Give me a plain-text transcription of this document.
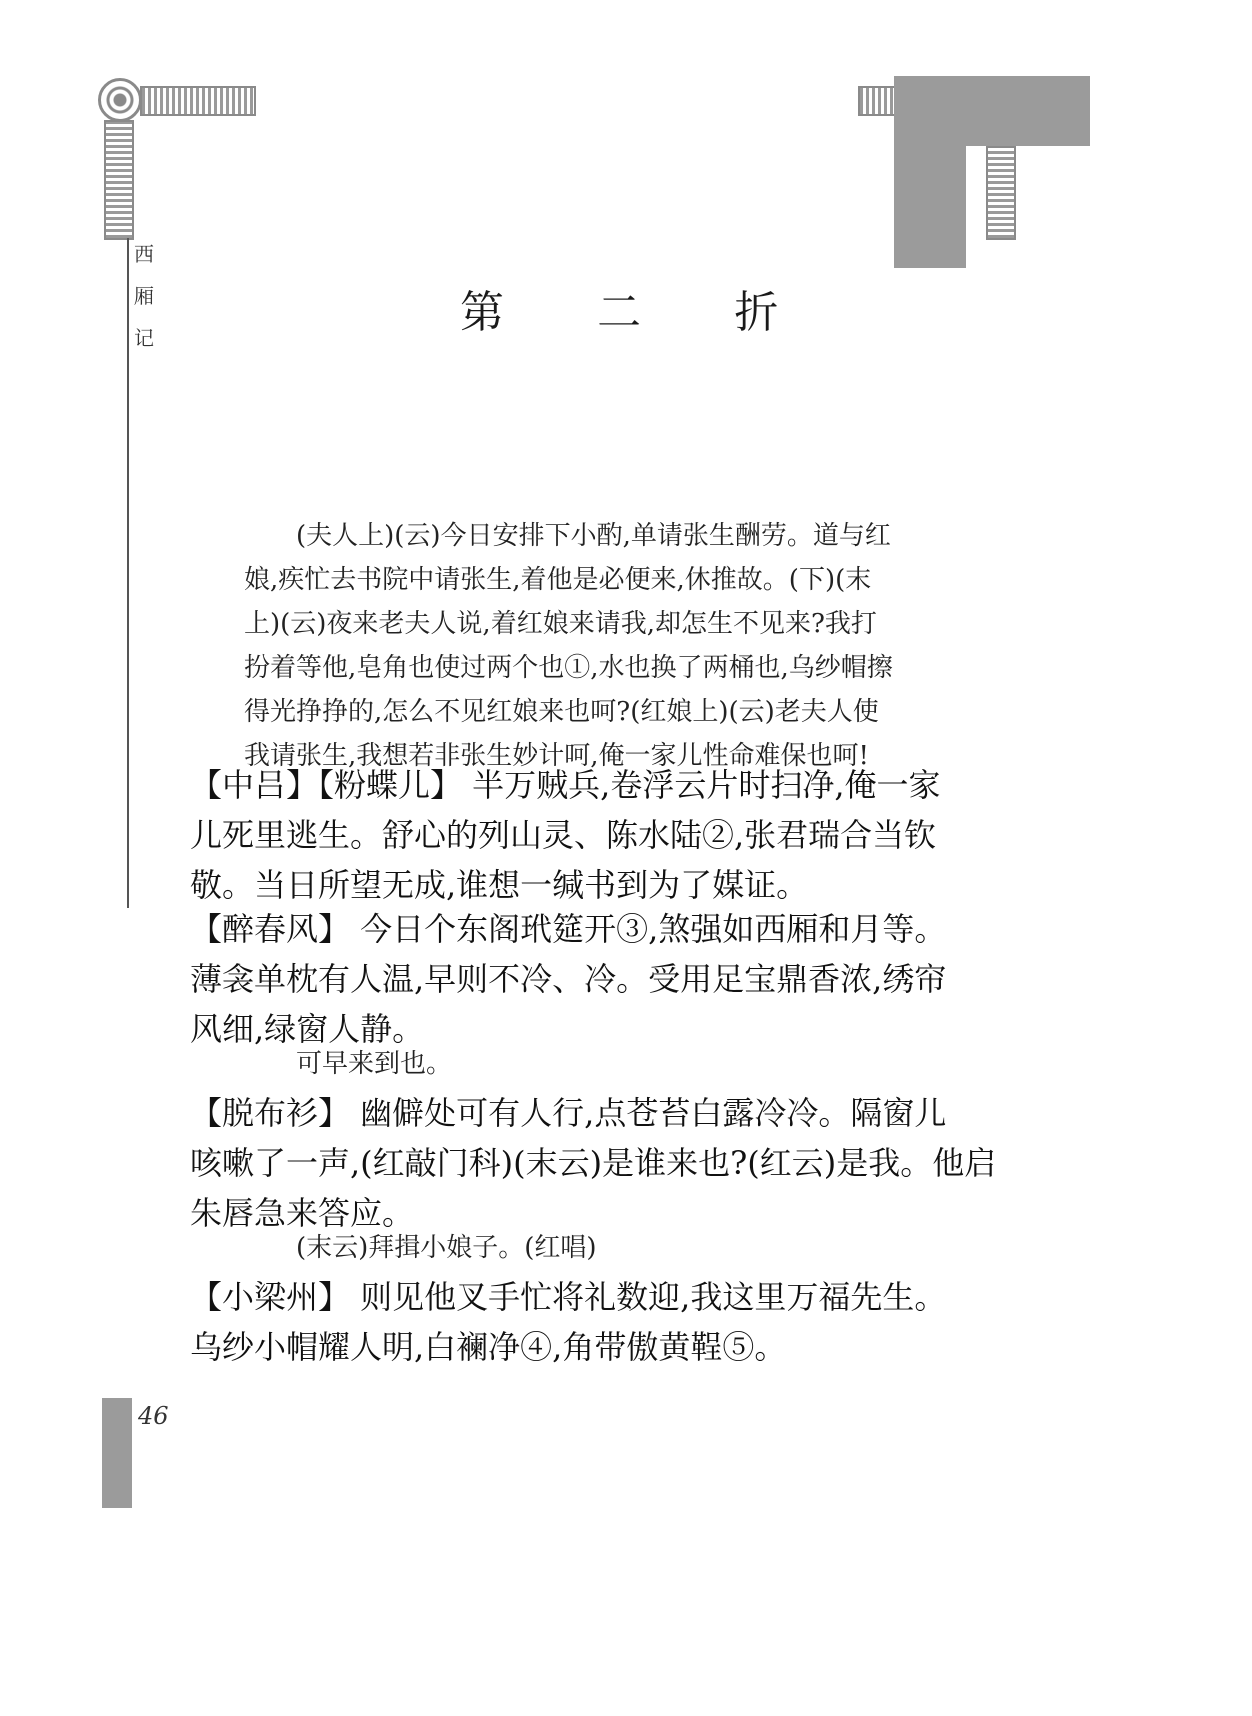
西
厢
记	第 二 折
(夫人上)(云)今日安排下小酌,单请张生酬劳。道与红
娘,疾忙去书院中请张生,着他是必便来,休推故。(下)(末
上)(云)夜来老夫人说,着红娘来请我,却怎生不见来?我打
扮着等他,皂角也使过两个也①,水也换了两桶也,乌纱帽擦
得光挣挣的,怎么不见红娘来也呵?(红娘上)(云)老夫人使
我请张生,我想若非张生妙计呵,俺一家儿性命难保也呵!
【中吕】【粉蝶儿】 半万贼兵,卷浮云片时扫净,俺一家
儿死里逃生。舒心的列山灵、陈水陆②,张君瑞合当钦
敬。当日所望无成,谁想一缄书到为了媒证。
【醉春风】 今日个东阁玳筵开③,煞强如西厢和月等。
薄衾单枕有人温,早则不冷、冷。受用足宝鼎香浓,绣帘
风细,绿窗人静。
可早来到也。
【脱布衫】 幽僻处可有人行,点苍苔白露冷冷。隔窗儿
咳嗽了一声,(红敲门科)(末云)是谁来也?(红云)是我。他启
朱唇急来答应。
(末云)拜揖小娘子。(红唱)
【小梁州】 则见他叉手忙将礼数迎,我这里万福先生。
乌纱小帽耀人明,白襕净④,角带傲黄鞓⑤。
46
